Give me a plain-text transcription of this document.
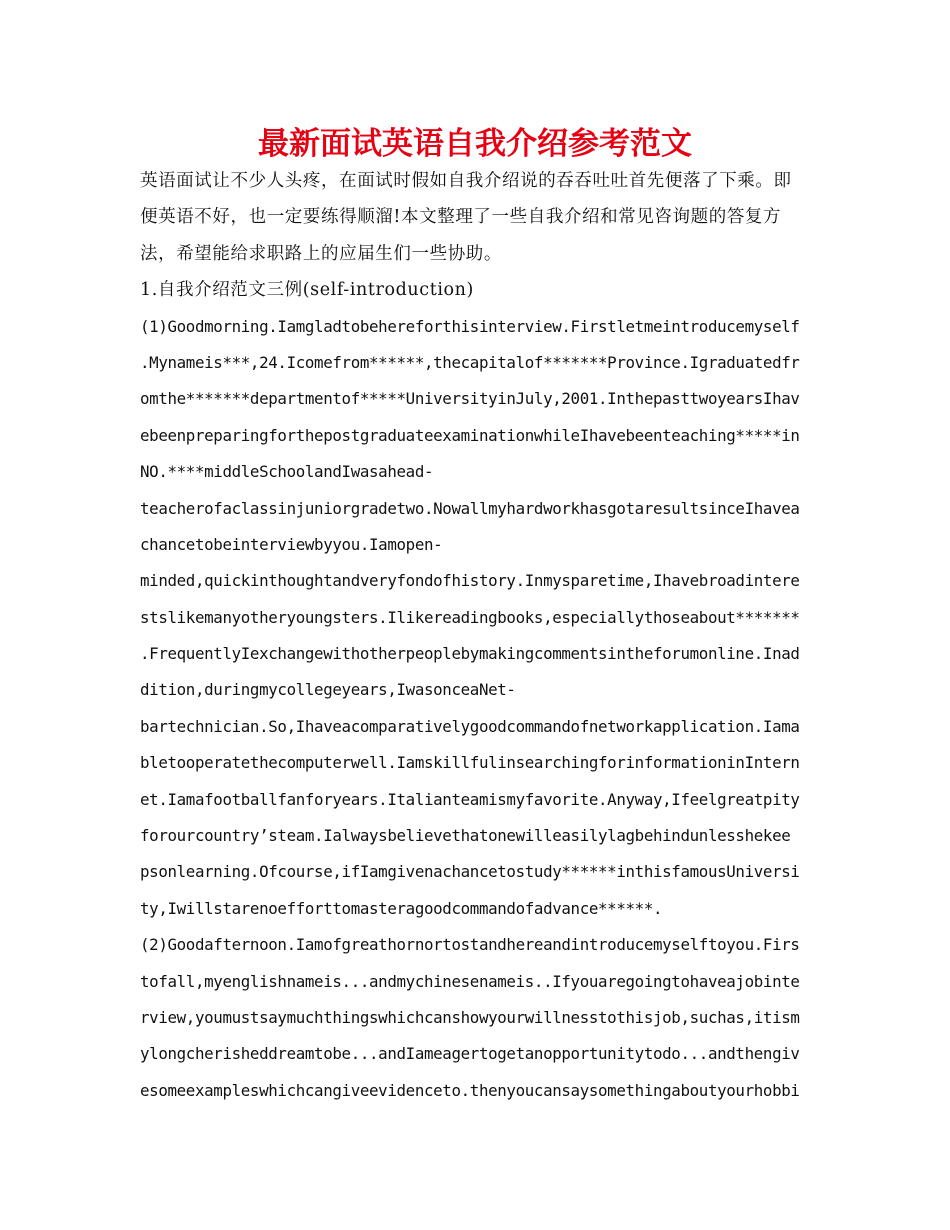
最新面试英语自我介绍参考范文
英语面试让不少人头疼，在面试时假如自我介绍说的吞吞吐吐首先便落了下乘。即
便英语不好，也一定要练得顺溜!本文整理了一些自我介绍和常见咨询题的答复方
法，希望能给求职路上的应届生们一些协助。
1.自我介绍范文三例(self-introduction)
(1)Goodmorning.Iamgladtobehereforthisinterview.Firstletmeintroducemyself
.Mynameis***,24.Icomefrom******,thecapitalof*******Province.Igraduatedfr
omthe*******departmentof*****UniversityinJuly,2001.InthepasttwoyearsIhav
ebeenpreparingforthepostgraduateexaminationwhileIhavebeenteaching*****in
NO.****middleSchoolandIwasahead-
teacherofaclassinjuniorgradetwo.NowallmyhardworkhasgotaresultsinceIhavea
chancetobeinterviewbyyou.Iamopen-
minded,quickinthoughtandveryfondofhistory.Inmysparetime,Ihavebroadintere
stslikemanyotheryoungsters.Ilikereadingbooks,especiallythoseabout*******
.FrequentlyIexchangewithotherpeoplebymakingcommentsintheforumonline.Inad
dition,duringmycollegeyears,IwasonceaNet-
bartechnician.So,Ihaveacomparativelygoodcommandofnetworkapplication.Iama
bletooperatethecomputerwell.IamskillfulinsearchingforinformationinIntern
et.Iamafootballfanforyears.Italianteamismyfavorite.Anyway,Ifeelgreatpity
forourcountry’steam.Ialwaysbelievethatonewilleasilylagbehindunlesshekee
psonlearning.Ofcourse,ifIamgivenachancetostudy******inthisfamousUniversi
ty,Iwillstarenoefforttomasteragoodcommandofadvance******.
(2)Goodafternoon.Iamofgreathornortostandhereandintroducemyselftoyou.Firs
tofall,myenglishnameis...andmychinesenameis..Ifyouaregoingtohaveajobinte
rview,youmustsaymuchthingswhichcanshowyourwillnesstothisjob,suchas,itism
ylongcherisheddreamtobe...andIameagertogetanopportunitytodo...andthengiv
esomeexampleswhichcangiveevidenceto.thenyoucansaysomethingaboutyourhobbi
